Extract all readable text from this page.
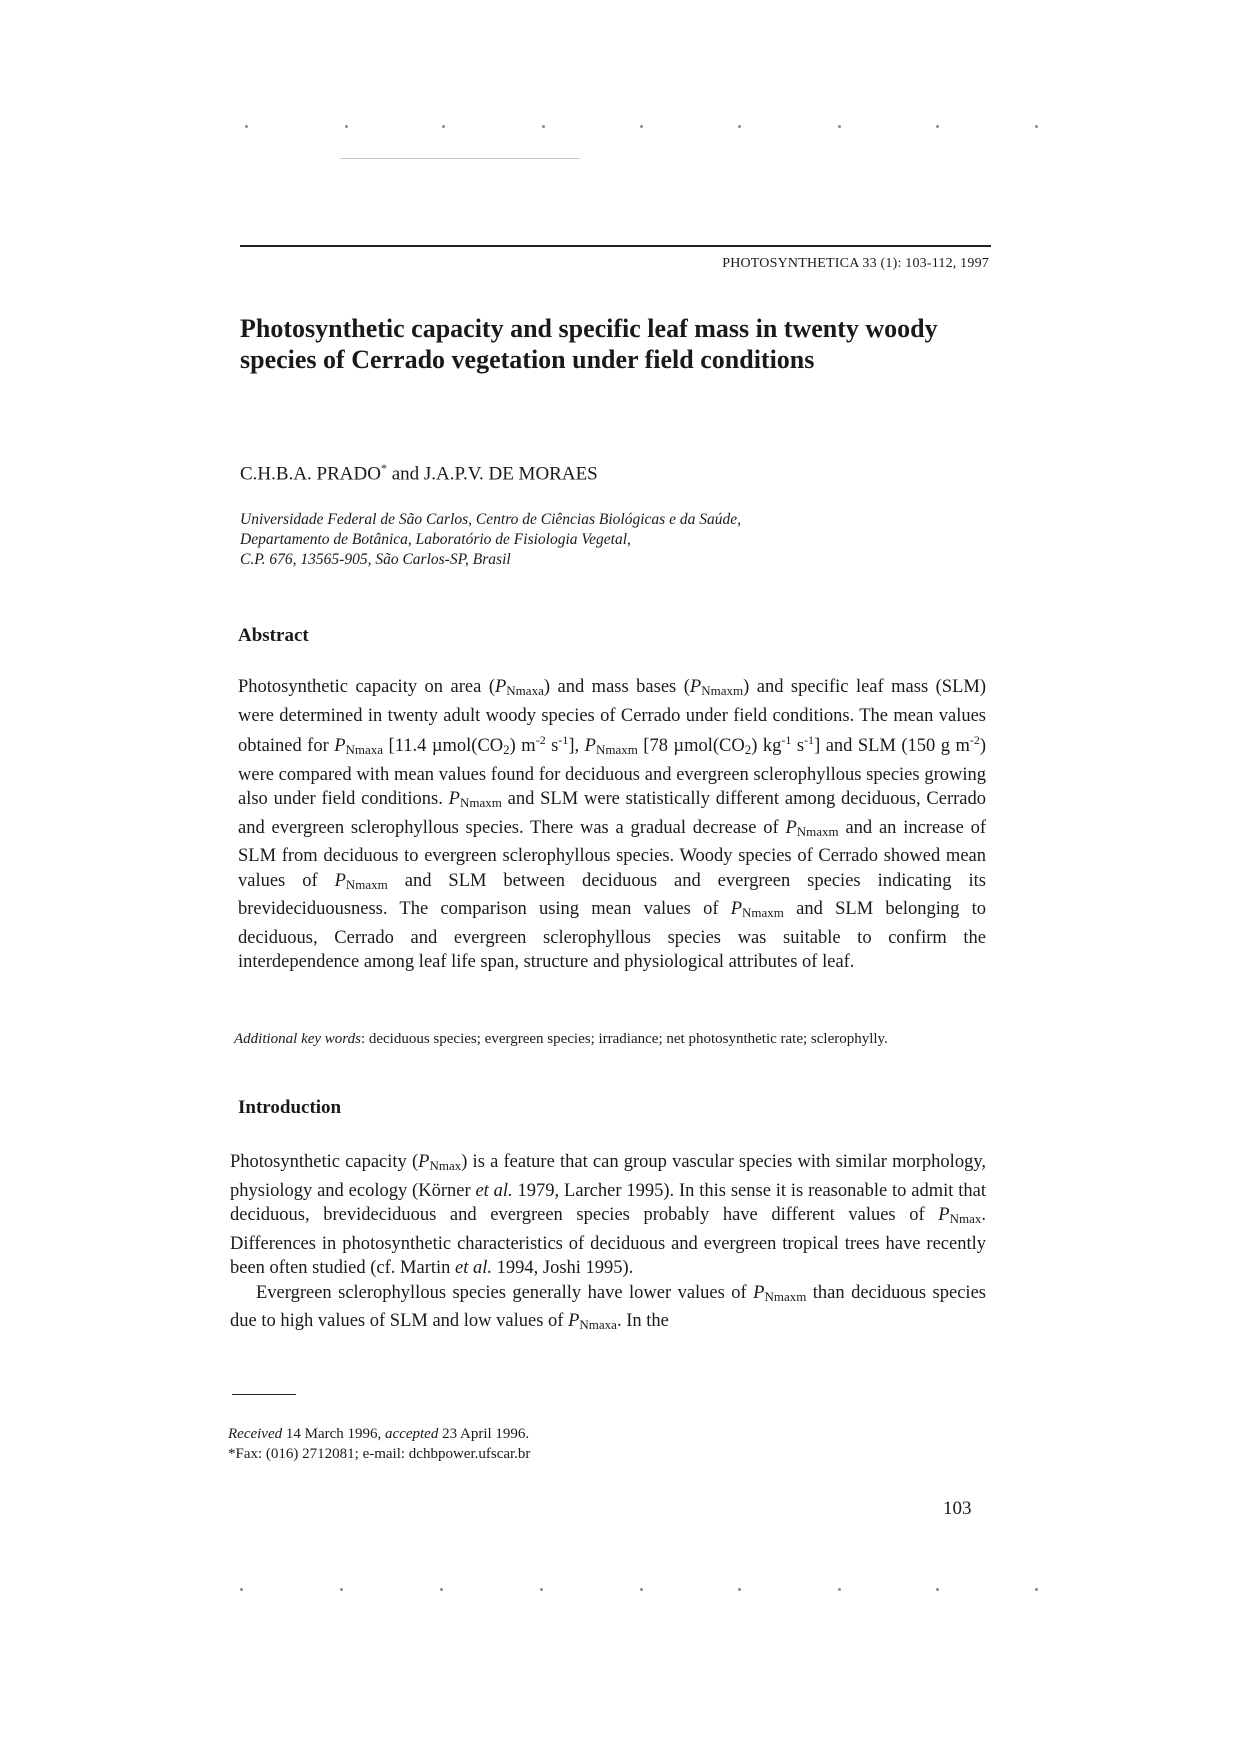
PHOTOSYNTHETICA 33 (1): 103-112, 1997
Photosynthetic capacity and specific leaf mass in twenty woody species of Cerrado vegetation under field conditions
C.H.B.A. PRADO* and J.A.P.V. DE MORAES
Universidade Federal de São Carlos, Centro de Ciências Biológicas e da Saúde,
Departamento de Botânica, Laboratório de Fisiologia Vegetal,
C.P. 676, 13565-905, São Carlos-SP, Brasil
Abstract
Photosynthetic capacity on area $(P_{Nmaxa})$ and mass bases $(P_{Nmaxm})$ and specific leaf mass (SLM) were determined in twenty adult woody species of Cerrado under field conditions. The mean values obtained for $P_{Nmaxa}$ [11.4 $\mu mol(CO_2)$ $m^{-2}$ $s^{-1}$], $P_{Nmaxm}$ [78 $\mu mol(CO_2)$ $kg^{-1}$ $s^{-1}$] and SLM (150 g $m^{-2}$) were compared with mean values found for deciduous and evergreen sclerophyllous species growing also under field conditions. $P_{Nmaxm}$ and SLM were statistically different among deciduous, Cerrado and evergreen sclerophyllous species. There was a gradual decrease of $P_{Nmaxm}$ and an increase of SLM from deciduous to evergreen sclerophyllous species. Woody species of Cerrado showed mean values of $P_{Nmaxm}$ and SLM between deciduous and evergreen species indicating its brevideciduousness. The comparison using mean values of $P_{Nmaxm}$ and SLM belonging to deciduous, Cerrado and evergreen sclerophyllous species was suitable to confirm the interdependence among leaf life span, structure and physiological attributes of leaf.
Additional key words: deciduous species; evergreen species; irradiance; net photosynthetic rate; sclerophylly.
Introduction

Photosynthetic capacity $(P_{Nmax})$ is a feature that can group vascular species with similar morphology, physiology and ecology (Körner et al. 1979, Larcher 1995). In this sense it is reasonable to admit that deciduous, brevideciduous and evergreen species probably have different values of $P_{Nmax}$. Differences in photosynthetic characteristics of deciduous and evergreen tropical trees have recently been often studied (cf. Martin et al. 1994, Joshi 1995).

Evergreen sclerophyllous species generally have lower values of $P_{Nmaxm}$ than deciduous species due to high values of SLM and low values of $P_{Nmaxa}$. In the

Received 14 March 1996, accepted 23 April 1996.
*Fax: (016) 2712081; e-mail: dchbpower.ufscar.br
103
